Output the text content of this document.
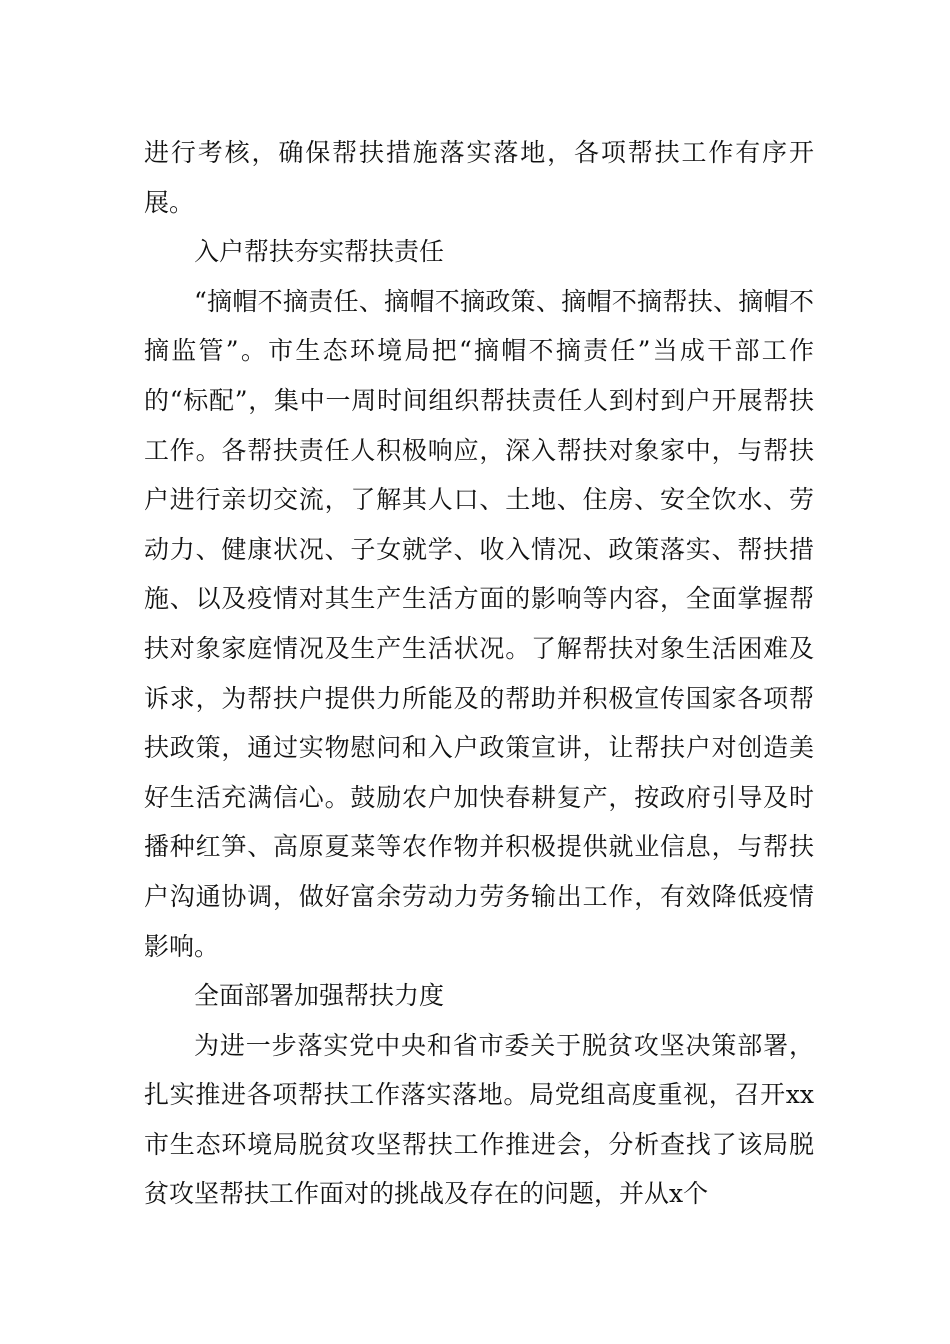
进行考核，确保帮扶措施落实落地，各项帮扶工作有序开展。

入户帮扶夯实帮扶责任

“摘帽不摘责任、摘帽不摘政策、摘帽不摘帮扶、摘帽不摘监管”。市生态环境局把“摘帽不摘责任”当成干部工作的“标配”，集中一周时间组织帮扶责任人到村到户开展帮扶工作。各帮扶责任人积极响应，深入帮扶对象家中，与帮扶户进行亲切交流，了解其人口、土地、住房、安全饮水、劳动力、健康状况、子女就学、收入情况、政策落实、帮扶措施、以及疫情对其生产生活方面的影响等内容，全面掌握帮扶对象家庭情况及生产生活状况。了解帮扶对象生活困难及诉求，为帮扶户提供力所能及的帮助并积极宣传国家各项帮扶政策，通过实物慰问和入户政策宣讲，让帮扶户对创造美好生活充满信心。鼓励农户加快春耕复产，按政府引导及时播种红笋、高原夏菜等农作物并积极提供就业信息，与帮扶户沟通协调，做好富余劳动力劳务输出工作，有效降低疫情影响。

全面部署加强帮扶力度

为进一步落实党中央和省市委关于脱贫攻坚决策部署，扎实推进各项帮扶工作落实落地。局党组高度重视，召开xx市生态环境局脱贫攻坚帮扶工作推进会，分析查找了该局脱贫攻坚帮扶工作面对的挑战及存在的问题，并从x个
